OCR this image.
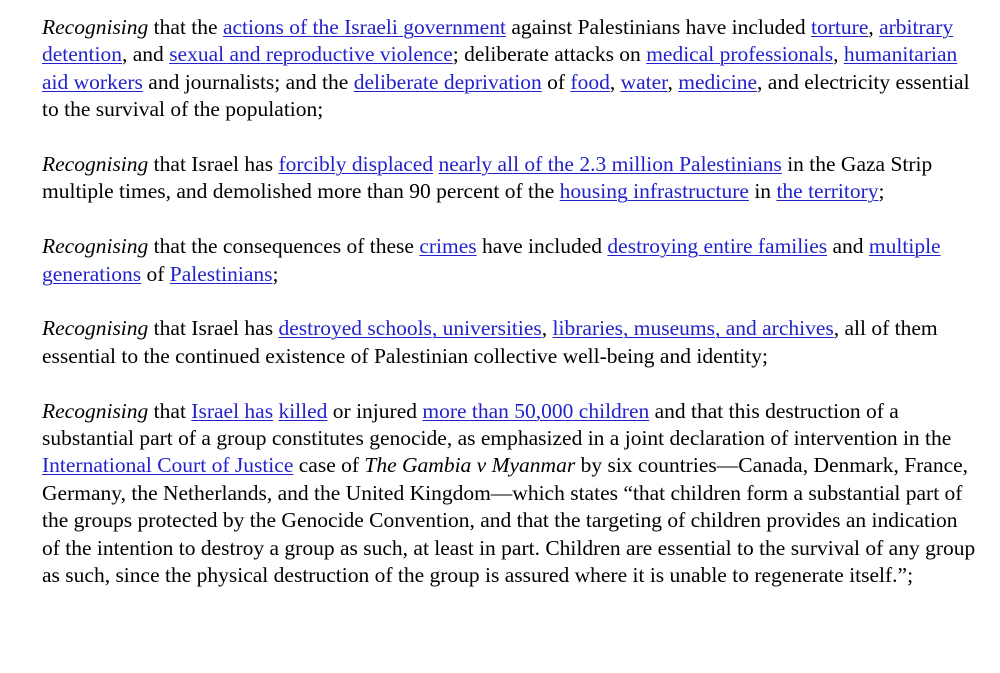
Recognising that the actions of the Israeli government against Palestinians have included torture, arbitrary detention, and sexual and reproductive violence; deliberate attacks on medical professionals, humanitarian aid workers and journalists; and the deliberate deprivation of food, water, medicine, and electricity essential to the survival of the population;

Recognising that Israel has forcibly displaced nearly all of the 2.3 million Palestinians in the Gaza Strip multiple times, and demolished more than 90 percent of the housing infrastructure in the territory;

Recognising that the consequences of these crimes have included destroying entire families and multiple generations of Palestinians;

Recognising that Israel has destroyed schools, universities, libraries, museums, and archives, all of them essential to the continued existence of Palestinian collective well-being and identity;

Recognising that Israel has killed or injured more than 50,000 children and that this destruction of a substantial part of a group constitutes genocide, as emphasized in a joint declaration of intervention in the International Court of Justice case of The Gambia v Myanmar by six countries—Canada, Denmark, France, Germany, the Netherlands, and the United Kingdom—which states “that children form a substantial part of the groups protected by the Genocide Convention, and that the targeting of children provides an indication of the intention to destroy a group as such, at least in part. Children are essential to the survival of any group as such, since the physical destruction of the group is assured where it is unable to regenerate itself.”;
